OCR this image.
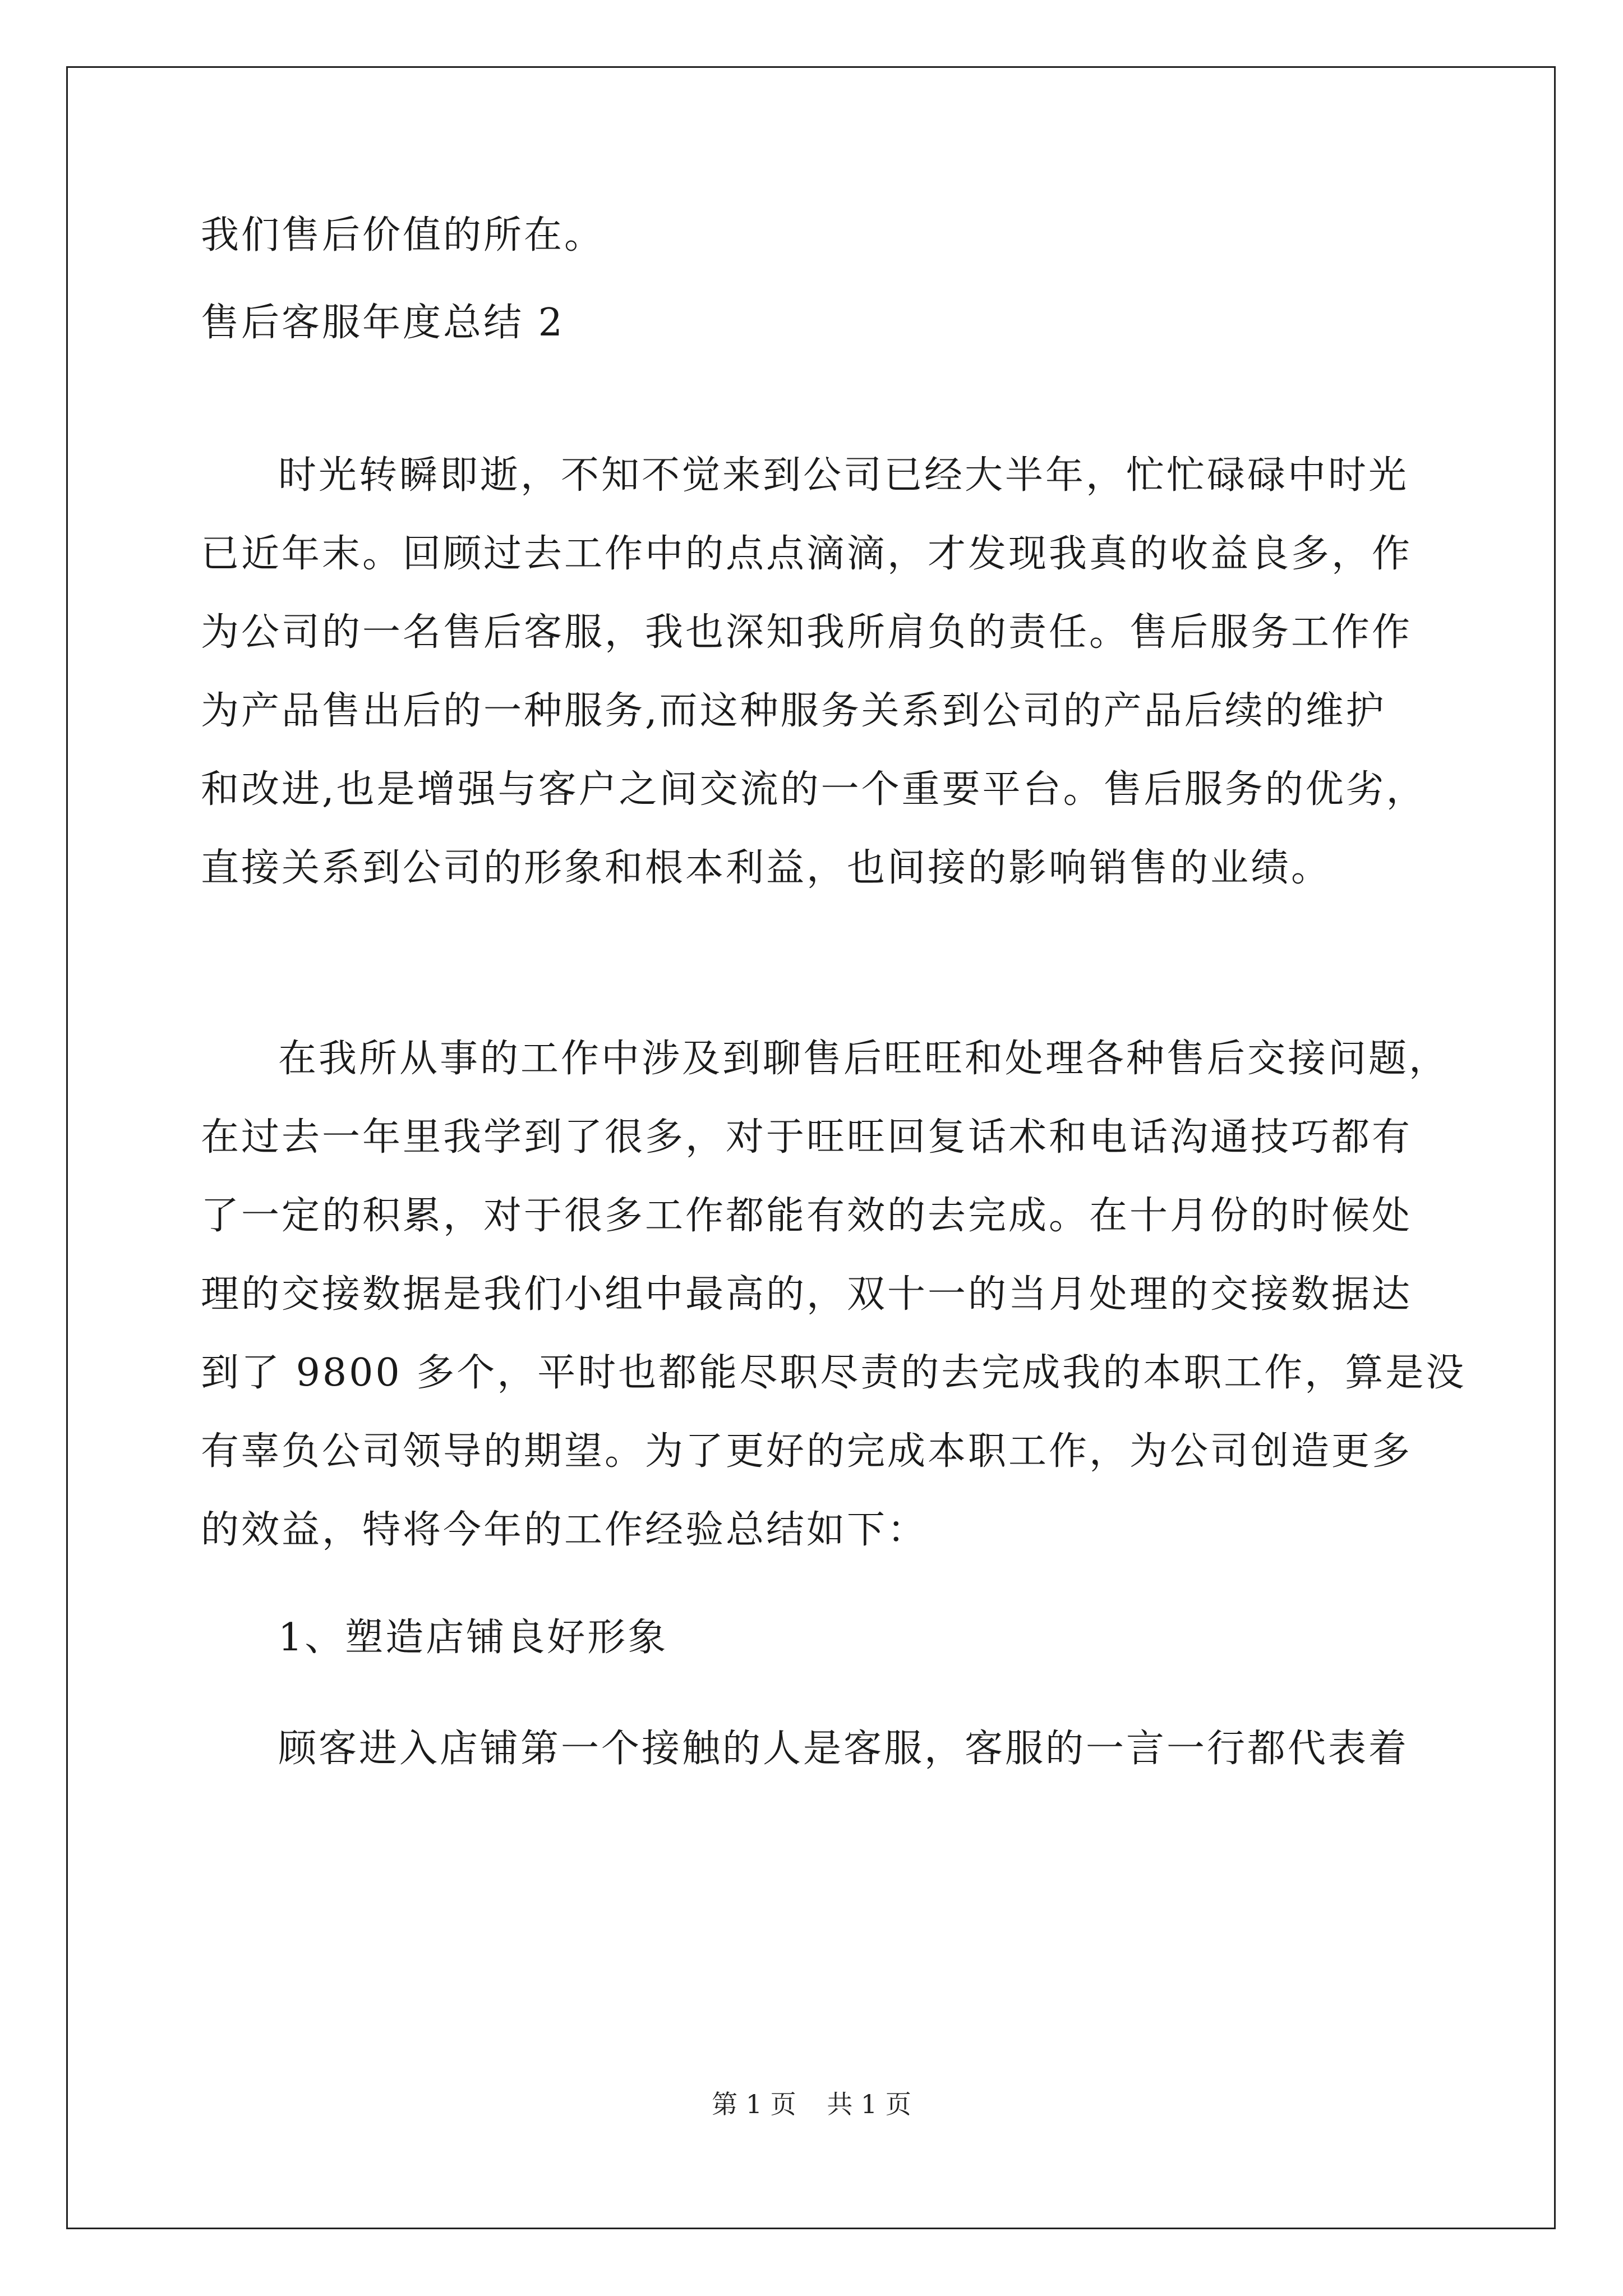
我们售后价值的所在。
售后客服年度总结 2
时光转瞬即逝，不知不觉来到公司已经大半年，忙忙碌碌中时光
已近年末。回顾过去工作中的点点滴滴，才发现我真的收益良多，作
为公司的一名售后客服，我也深知我所肩负的责任。售后服务工作作
为产品售出后的一种服务,而这种服务关系到公司的产品后续的维护
和改进,也是增强与客户之间交流的一个重要平台。售后服务的优劣，
直接关系到公司的形象和根本利益，也间接的影响销售的业绩。
在我所从事的工作中涉及到聊售后旺旺和处理各种售后交接问题，
在过去一年里我学到了很多，对于旺旺回复话术和电话沟通技巧都有
了一定的积累，对于很多工作都能有效的去完成。在十月份的时候处
理的交接数据是我们小组中最高的，双十一的当月处理的交接数据达
到了 9800 多个，平时也都能尽职尽责的去完成我的本职工作，算是没
有辜负公司领导的期望。为了更好的完成本职工作，为公司创造更多
的效益，特将今年的工作经验总结如下：
1、塑造店铺良好形象
顾客进入店铺第一个接触的人是客服，客服的一言一行都代表着
第 1 页 共 1 页
